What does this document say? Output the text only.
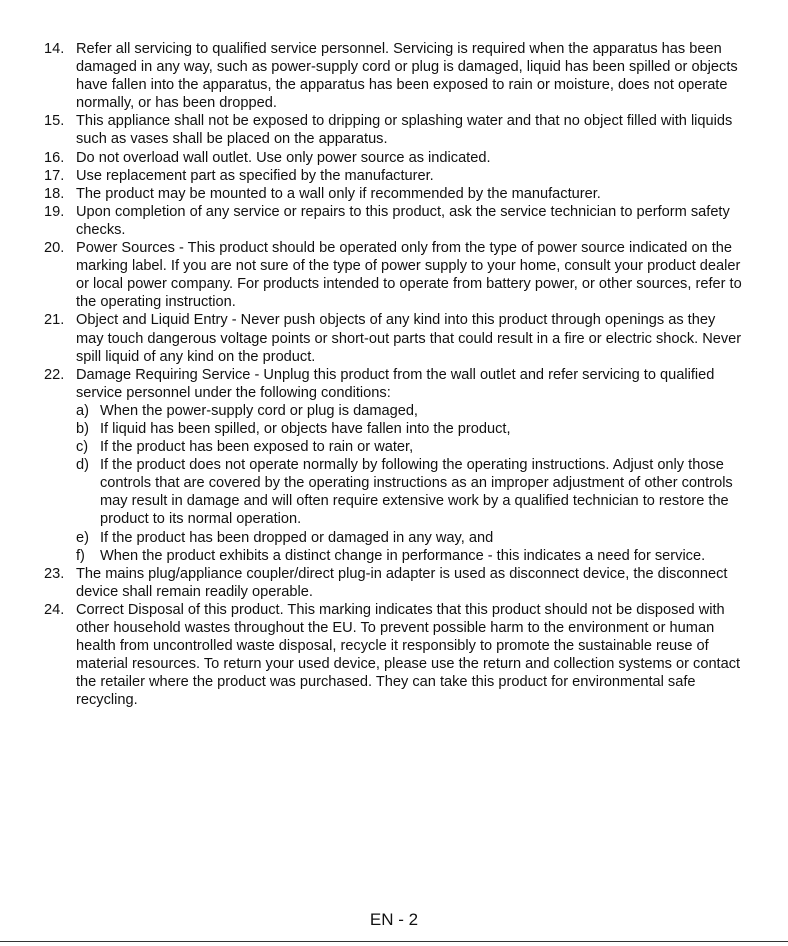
14. Refer all servicing to qualified service personnel. Servicing is required when the apparatus has been damaged in any way, such as power-supply cord or plug is damaged, liquid has been spilled or objects have fallen into the apparatus, the apparatus has been exposed to rain or moisture, does not operate normally, or has been dropped.
15. This appliance shall not be exposed to dripping or splashing water and that no object filled with liquids such as vases shall be placed on the apparatus.
16. Do not overload wall outlet. Use only power source as indicated.
17. Use replacement part as specified by the manufacturer.
18. The product may be mounted to a wall only if recommended by the manufacturer.
19. Upon completion of any service or repairs to this product, ask the service technician to perform safety checks.
20. Power Sources - This product should be operated only from the type of power source indicated on the marking label. If you are not sure of the type of power supply to your home, consult your product dealer or local power company. For products intended to operate from battery power, or other sources, refer to the operating instruction.
21. Object and Liquid Entry - Never push objects of any kind into this product through openings as they may touch dangerous voltage points or short-out parts that could result in a fire or electric shock. Never spill liquid of any kind on the product.
22. Damage Requiring Service - Unplug this product from the wall outlet and refer servicing to qualified service personnel under the following conditions:
a) When the power-supply cord or plug is damaged,
b) If liquid has been spilled, or objects have fallen into the product,
c) If the product has been exposed to rain or water,
d) If the product does not operate normally by following the operating instructions. Adjust only those controls that are covered by the operating instructions as an improper adjustment of other controls may result in damage and will often require extensive work by a qualified technician to restore the product to its normal operation.
e) If the product has been dropped or damaged in any way, and
f)	When the product exhibits a distinct change in performance - this indicates a need for service.
23. The mains plug/appliance coupler/direct plug-in adapter is used as disconnect device, the disconnect device shall remain readily operable.
24. Correct Disposal of this product. This marking indicates that this product should not be disposed with other household wastes throughout the EU. To prevent possible harm to the environment or human health from uncontrolled waste disposal, recycle it responsibly to promote the sustainable reuse of material resources. To return your used device, please use the return and collection systems or contact the retailer where the product was purchased. They can take this product for environmental safe recycling.
EN - 2
